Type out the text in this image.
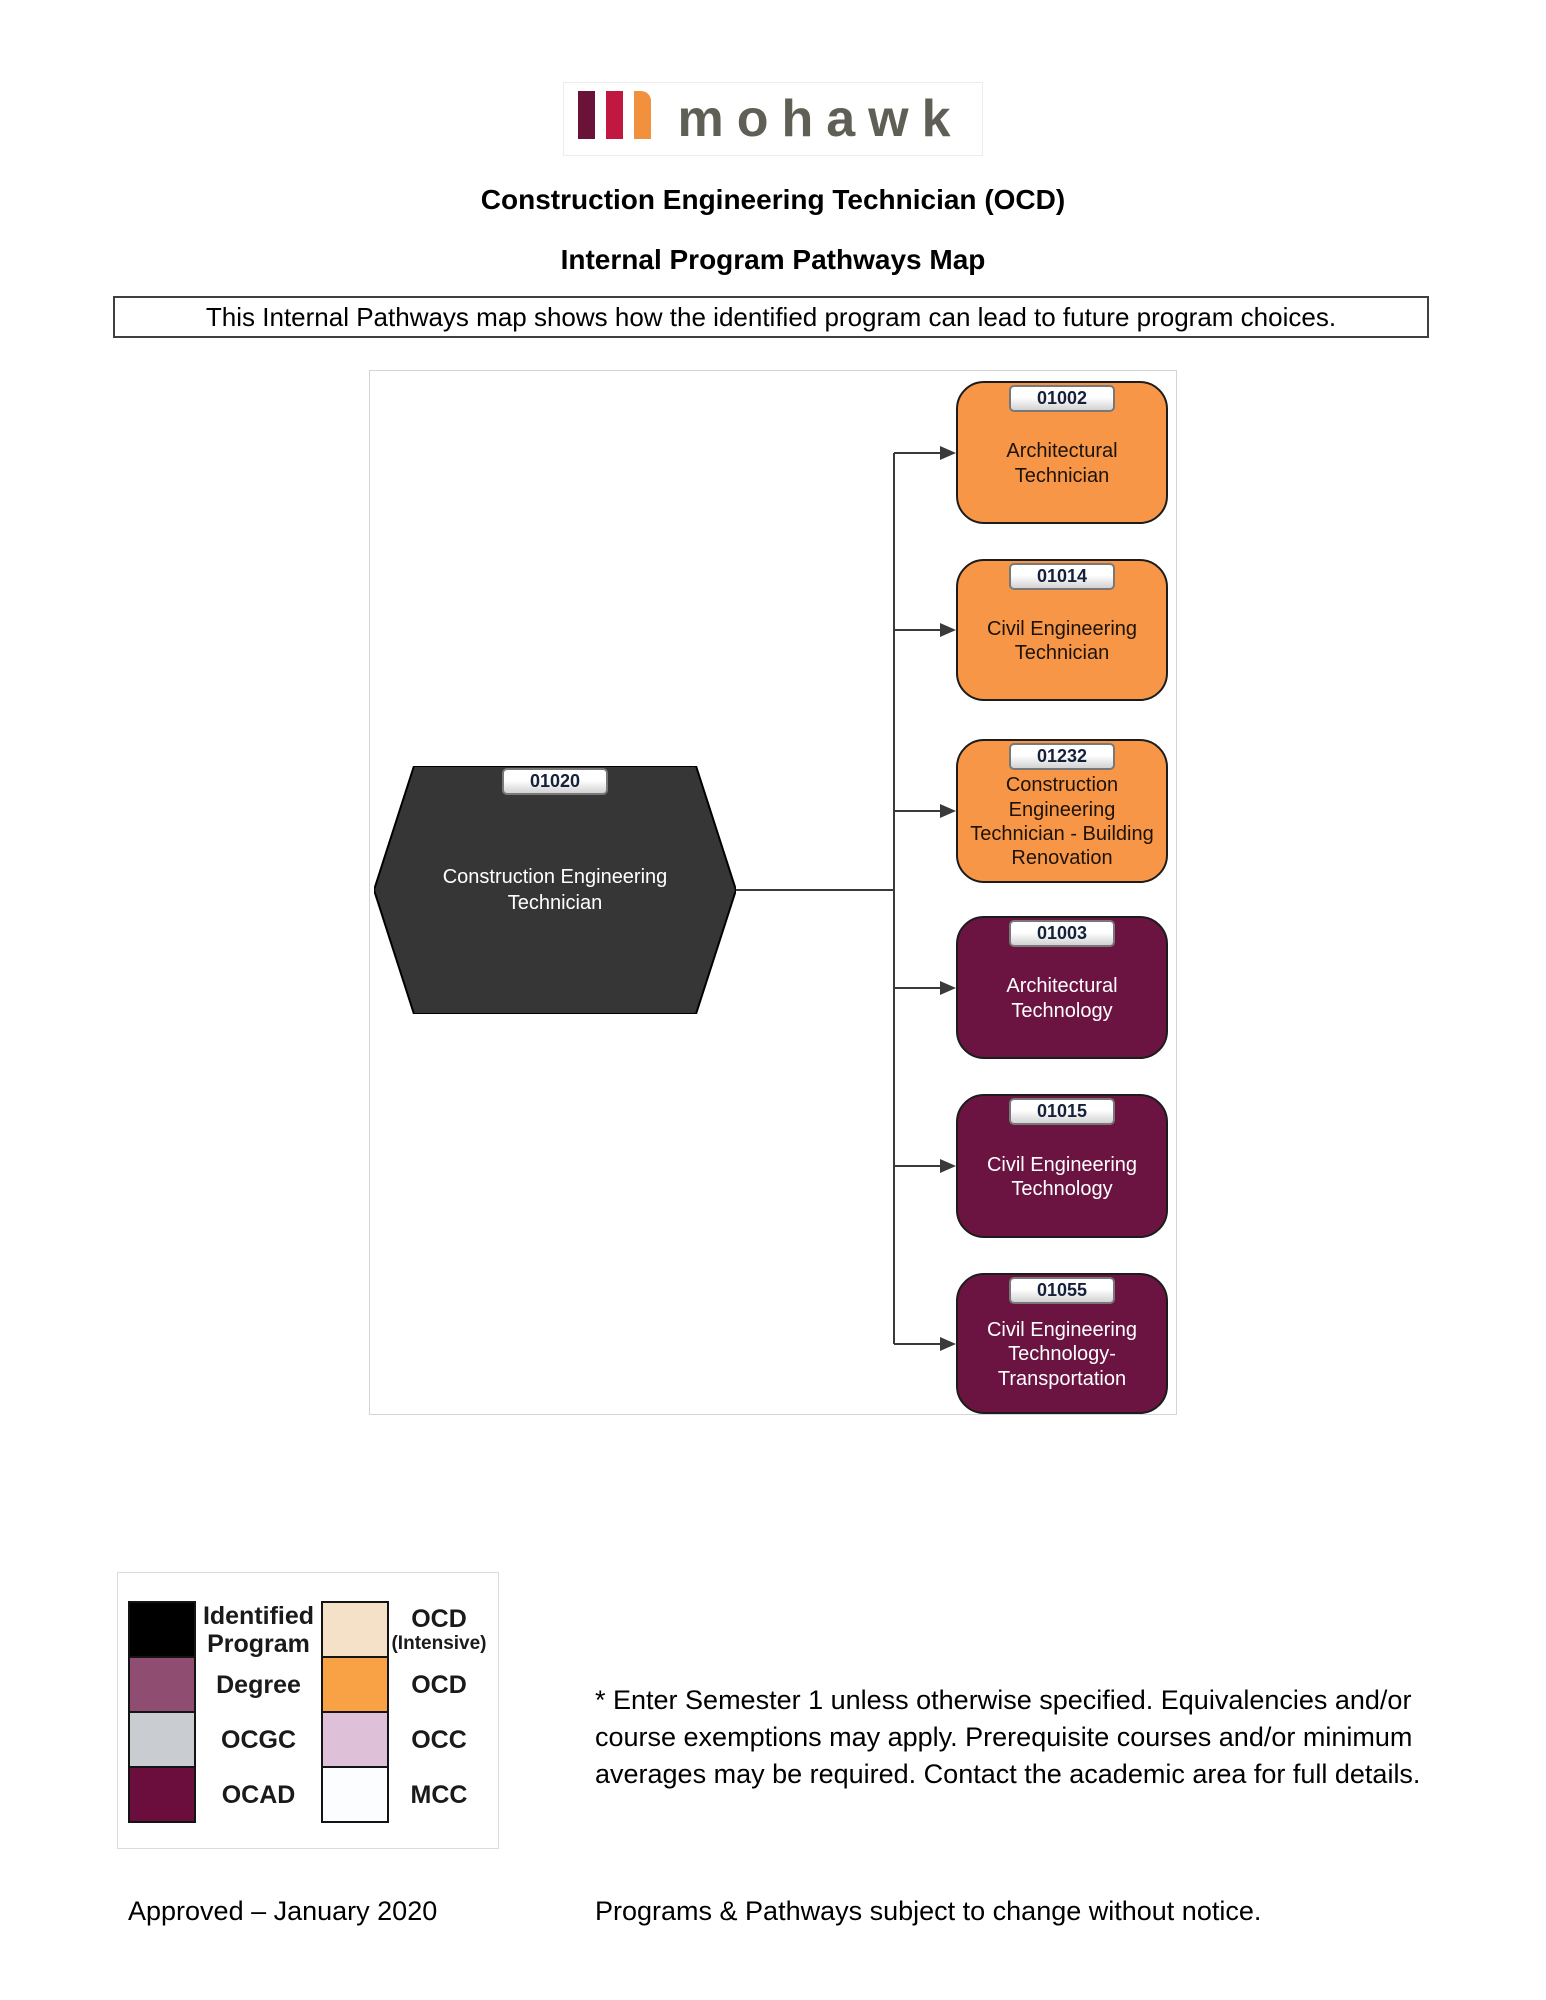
mohawk
Construction Engineering Technician (OCD)
Internal Program Pathways Map
This Internal Pathways map shows how the identified program can lead to future program choices.
01020
Construction Engineering Technician
01002
Architectural Technician
01014
Civil Engineering Technician
01232
Construction Engineering Technician - Building Renovation
01003
Architectural Technology
01015
Civil Engineering Technology
01055
Civil Engineering Technology-Transportation
Identified Program
Degree
OCGC
OCAD
OCD
(Intensive)
OCD
OCC
MCC
* Enter Semester 1 unless otherwise specified. Equivalencies and/or
course exemptions may apply. Prerequisite courses and/or minimum
averages may be required. Contact the academic area for full details.
Approved – January 2020	Programs & Pathways subject to change without notice.
